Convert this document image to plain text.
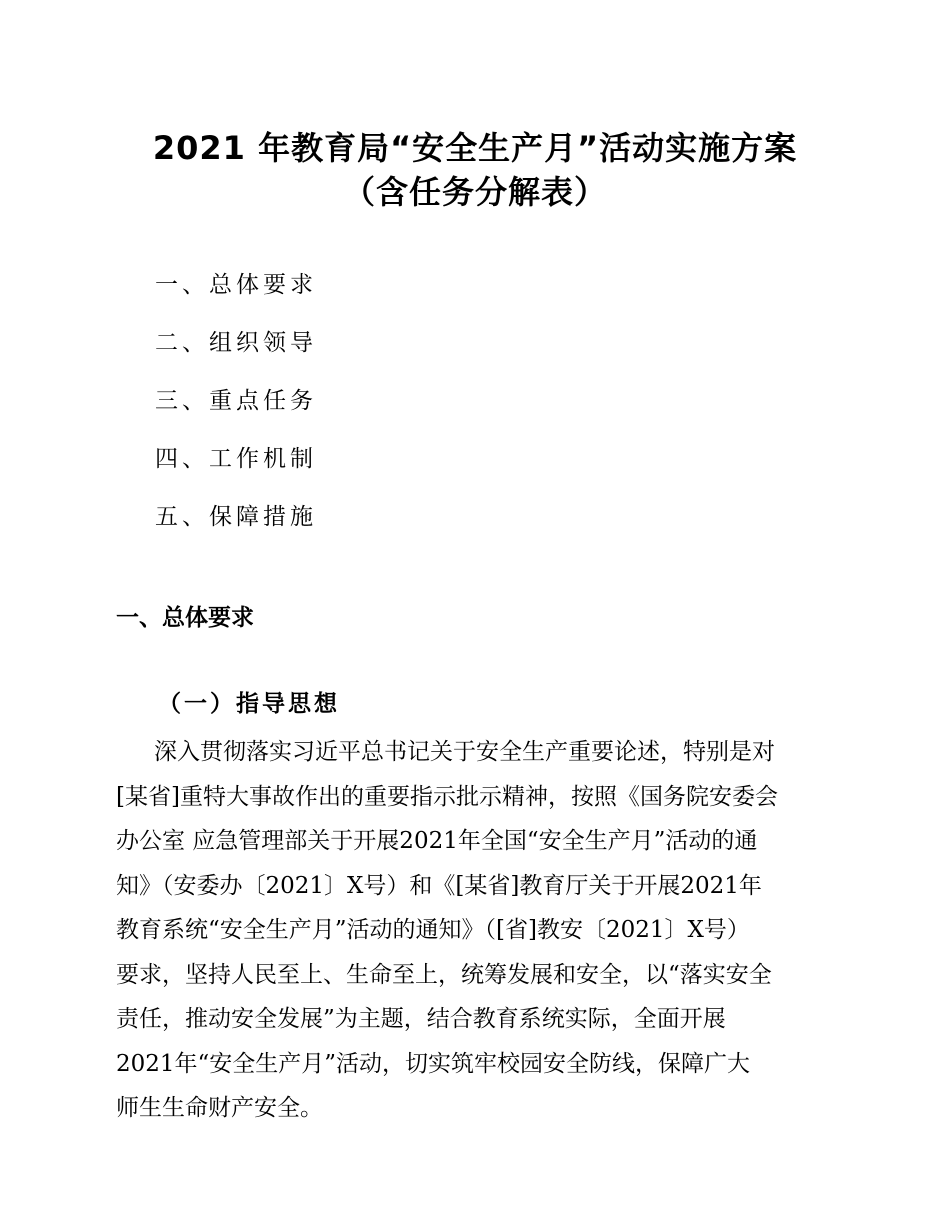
2021 年教育局“安全生产月”活动实施方案
（含任务分解表）
一、总体要求
二、组织领导
三、重点任务
四、工作机制
五、保障措施
一、总体要求
（一）指导思想
深入贯彻落实习近平总书记关于安全生产重要论述，特别是对
[某省]重特大事故作出的重要指示批示精神，按照《国务院安委会
办公室 应急管理部关于开展2021年全国“安全生产月”活动的通
知》（安委办〔2021〕X号）和《[某省]教育厅关于开展2021年
教育系统“安全生产月”活动的通知》（[省]教安〔2021〕X号）
要求，坚持人民至上、生命至上，统筹发展和安全，以“落实安全
责任，推动安全发展”为主题，结合教育系统实际，全面开展
2021年“安全生产月”活动，切实筑牢校园安全防线，保障广大
师生生命财产安全。
